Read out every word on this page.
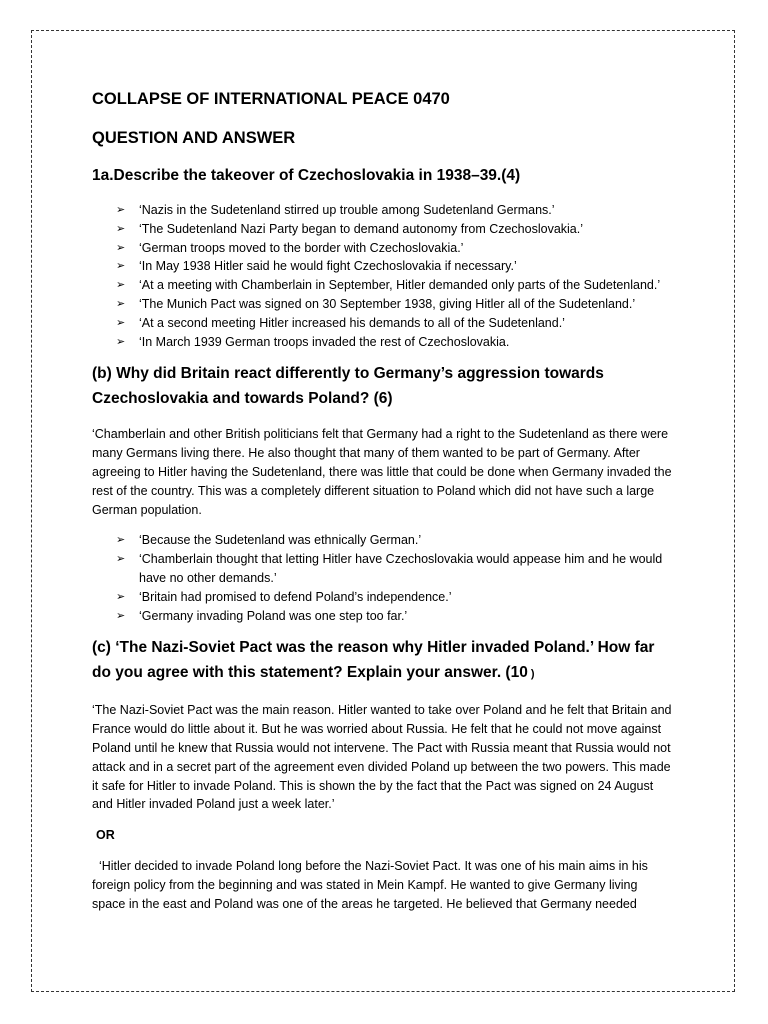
COLLAPSE OF INTERNATIONAL PEACE 0470
QUESTION AND ANSWER
1a.Describe the takeover of Czechoslovakia in 1938–39.(4)
➢ ‘Nazis in the Sudetenland stirred up trouble among Sudetenland Germans.’
➢ ‘The Sudetenland Nazi Party began to demand autonomy from Czechoslovakia.’
➢ ‘German troops moved to the border with Czechoslovakia.’
➢ ‘In May 1938 Hitler said he would fight Czechoslovakia if necessary.’
➢ ‘At a meeting with Chamberlain in September, Hitler demanded only parts of the Sudetenland.’
➢ ‘The Munich Pact was signed on 30 September 1938, giving Hitler all of the Sudetenland.’
➢ ‘At a second meeting Hitler increased his demands to all of the Sudetenland.’
➢ ‘In March 1939 German troops invaded the rest of Czechoslovakia.
(b) Why did Britain react differently to Germany’s aggression towards Czechoslovakia and towards Poland? (6)

‘Chamberlain and other British politicians felt that Germany had a right to the Sudetenland as there were many Germans living there. He also thought that many of them wanted to be part of Germany. After agreeing to Hitler having the Sudetenland, there was little that could be done when Germany invaded the rest of the country. This was a completely different situation to Poland which did not have such a large German population.

➢ ‘Because the Sudetenland was ethnically German.’
➢ ‘Chamberlain thought that letting Hitler have Czechoslovakia would appease him and he would have no other demands.’
➢ ‘Britain had promised to defend Poland’s independence.’
➢ ‘Germany invading Poland was one step too far.’
(c) ‘The Nazi-Soviet Pact was the reason why Hitler invaded Poland.’ How far do you agree with this statement? Explain your answer. (10 )

‘The Nazi-Soviet Pact was the main reason. Hitler wanted to take over Poland and he felt that Britain and France would do little about it. But he was worried about Russia. He felt that he could not move against Poland until he knew that Russia would not intervene. The Pact with Russia meant that Russia would not attack and in a secret part of the agreement even divided Poland up between the two powers. This made it safe for Hitler to invade Poland. This is shown the by the fact that the Pact was signed on 24 August and Hitler invaded Poland just a week later.’

OR

‘Hitler decided to invade Poland long before the Nazi-Soviet Pact. It was one of his main aims in his foreign policy from the beginning and was stated in Mein Kampf. He wanted to give Germany living space in the east and Poland was one of the areas he targeted. He believed that Germany needed
